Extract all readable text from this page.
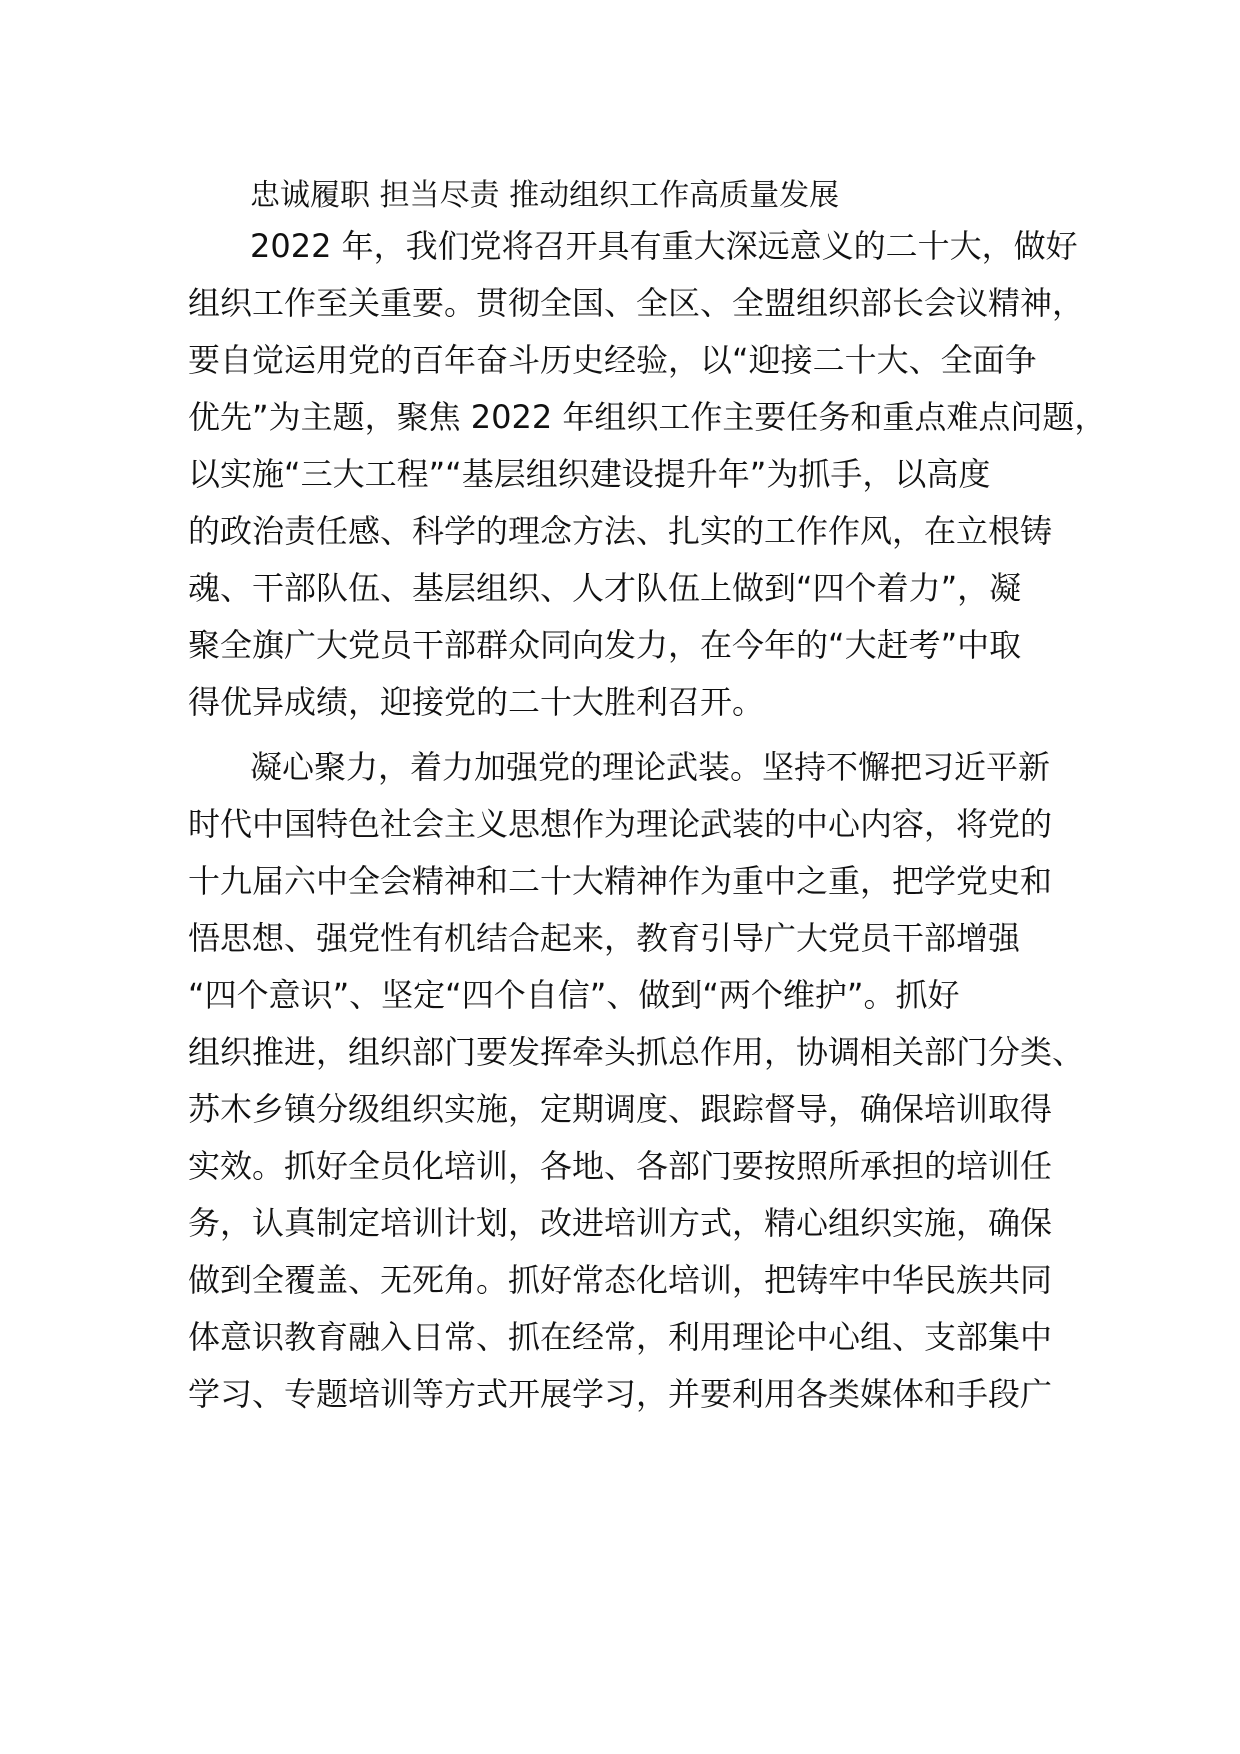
忠诚履职 担当尽责 推动组织工作高质量发展
2022 年，我们党将召开具有重大深远意义的二十大，做好
组织工作至关重要。贯彻全国、全区、全盟组织部长会议精神，
要自觉运用党的百年奋斗历史经验，以“迎接二十大、全面争
优先”为主题，聚焦 2022 年组织工作主要任务和重点难点问题，
以实施“三大工程”“基层组织建设提升年”为抓手，以高度
的政治责任感、科学的理念方法、扎实的工作作风，在立根铸
魂、干部队伍、基层组织、人才队伍上做到“四个着力”，凝
聚全旗广大党员干部群众同向发力，在今年的“大赶考”中取
得优异成绩，迎接党的二十大胜利召开。
凝心聚力，着力加强党的理论武装。坚持不懈把习近平新
时代中国特色社会主义思想作为理论武装的中心内容，将党的
十九届六中全会精神和二十大精神作为重中之重，把学党史和
悟思想、强党性有机结合起来，教育引导广大党员干部增强
“四个意识”、坚定“四个自信”、做到“两个维护”。抓好
组织推进，组织部门要发挥牵头抓总作用，协调相关部门分类、
苏木乡镇分级组织实施，定期调度、跟踪督导，确保培训取得
实效。抓好全员化培训，各地、各部门要按照所承担的培训任
务，认真制定培训计划，改进培训方式，精心组织实施，确保
做到全覆盖、无死角。抓好常态化培训，把铸牢中华民族共同
体意识教育融入日常、抓在经常，利用理论中心组、支部集中
学习、专题培训等方式开展学习，并要利用各类媒体和手段广
